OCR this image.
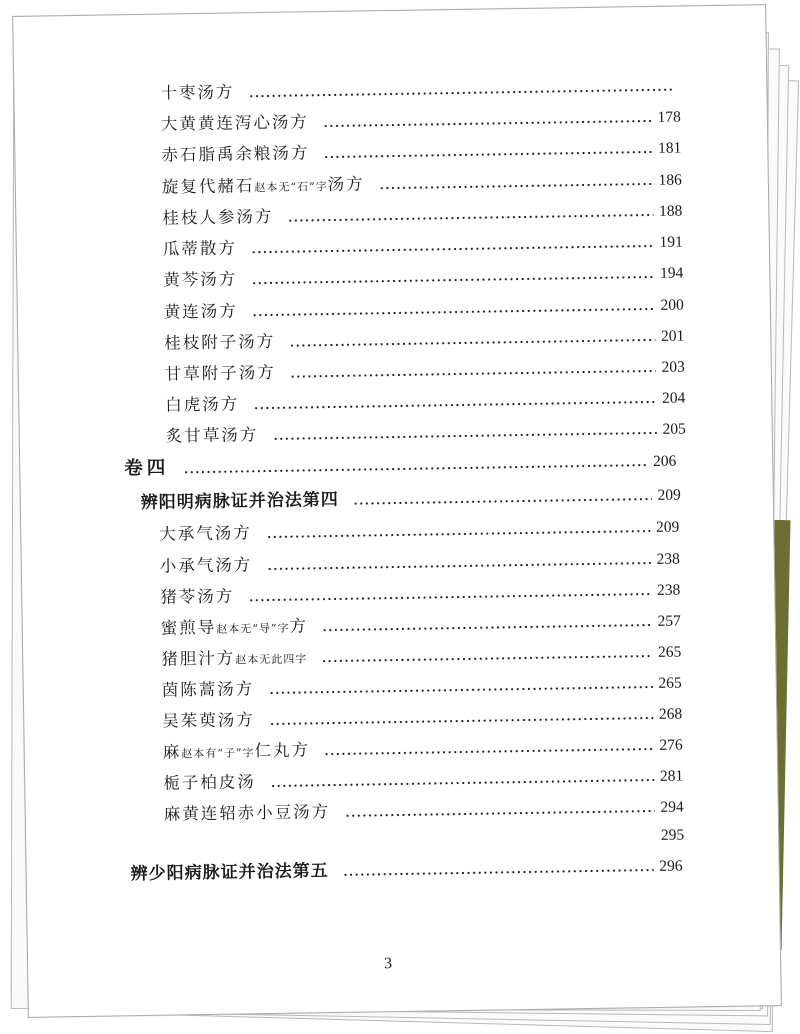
十枣汤方
大黄黄连泻心汤方	178
赤石脂禹余粮汤方	181
旋复代赭石赵本无“石”字汤方	186
桂枝人参汤方	188
瓜蒂散方	191
黄芩汤方	194
黄连汤方	200
桂枝附子汤方	201
甘草附子汤方	203
白虎汤方	204
炙甘草汤方	205
卷四	206
辨阳明病脉证并治法第四	209
大承气汤方	209
小承气汤方	238
猪苓汤方	238
蜜煎导赵本无“导”字方	257
猪胆汁方赵本无此四字	265
茵陈蒿汤方	265
吴茱萸汤方	268
麻赵本有“子”字仁丸方	276
栀子柏皮汤	281
麻黄连轺赤小豆汤方	294
295
辨少阳病脉证并治法第五	296
3
